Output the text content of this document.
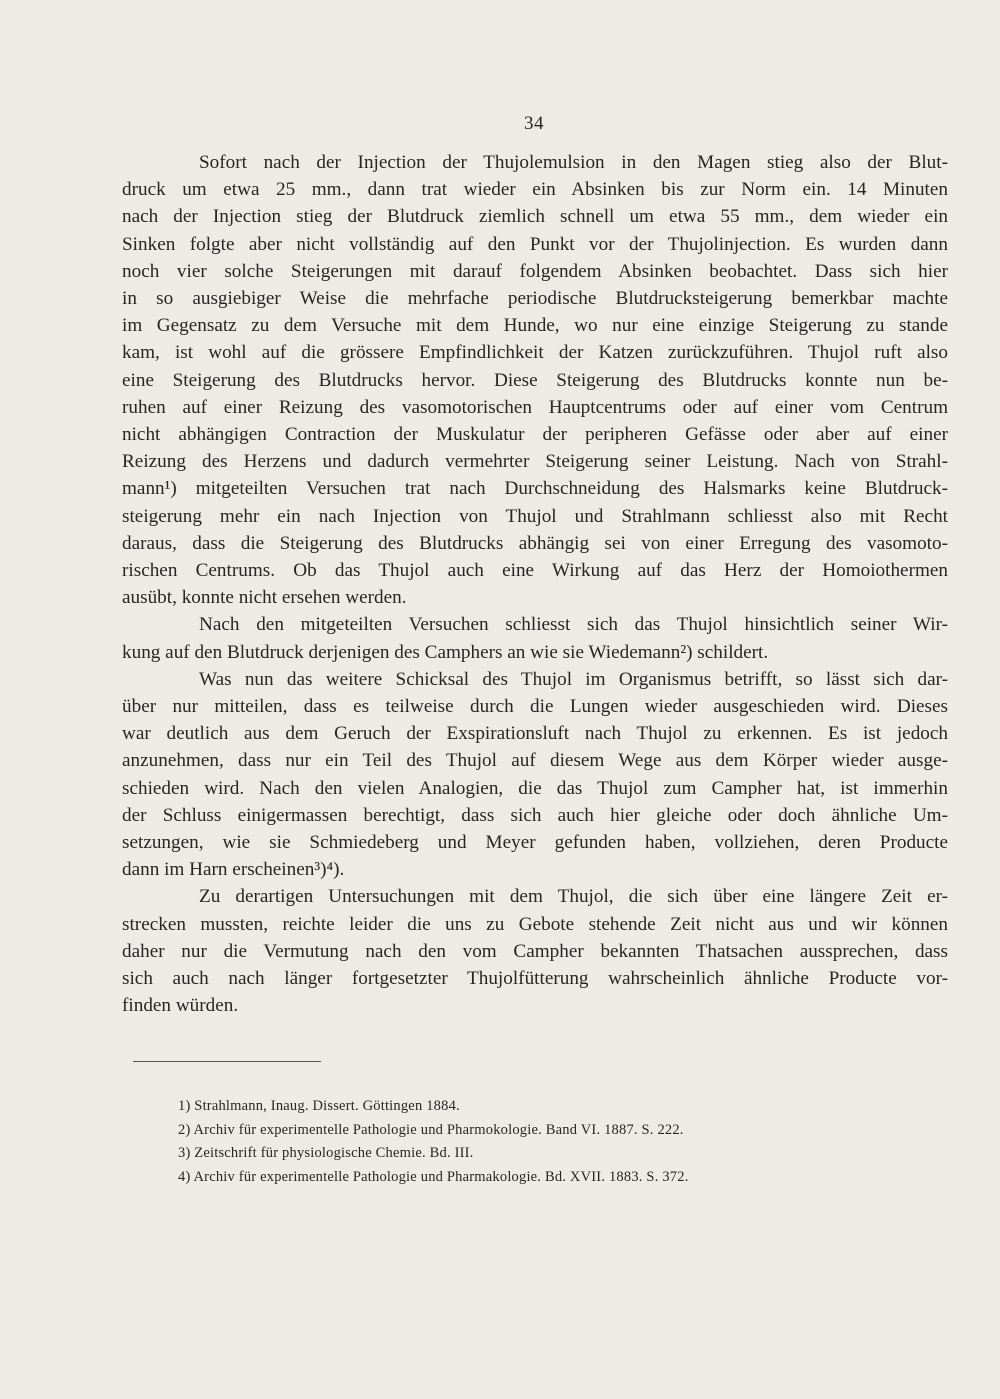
34
Sofort nach der Injection der Thujolemulsion in den Magen stieg also der Blut-
druck um etwa 25 mm., dann trat wieder ein Absinken bis zur Norm ein. 14 Minuten
nach der Injection stieg der Blutdruck ziemlich schnell um etwa 55 mm., dem wieder ein
Sinken folgte aber nicht vollständig auf den Punkt vor der Thujolinjection. Es wurden dann
noch vier solche Steigerungen mit darauf folgendem Absinken beobachtet. Dass sich hier
in so ausgiebiger Weise die mehrfache periodische Blutdrucksteigerung bemerkbar machte
im Gegensatz zu dem Versuche mit dem Hunde, wo nur eine einzige Steigerung zu stande
kam, ist wohl auf die grössere Empfindlichkeit der Katzen zurückzuführen. Thujol ruft also
eine Steigerung des Blutdrucks hervor. Diese Steigerung des Blutdrucks konnte nun be-
ruhen auf einer Reizung des vasomotorischen Hauptcentrums oder auf einer vom Centrum
nicht abhängigen Contraction der Muskulatur der peripheren Gefässe oder aber auf einer
Reizung des Herzens und dadurch vermehrter Steigerung seiner Leistung. Nach von Strahl-
mann¹) mitgeteilten Versuchen trat nach Durchschneidung des Halsmarks keine Blutdruck-
steigerung mehr ein nach Injection von Thujol und Strahlmann schliesst also mit Recht
daraus, dass die Steigerung des Blutdrucks abhängig sei von einer Erregung des vasomoto-
rischen Centrums. Ob das Thujol auch eine Wirkung auf das Herz der Homoiothermen
ausübt, konnte nicht ersehen werden.
Nach den mitgeteilten Versuchen schliesst sich das Thujol hinsichtlich seiner Wir-
kung auf den Blutdruck derjenigen des Camphers an wie sie Wiedemann²) schildert.
Was nun das weitere Schicksal des Thujol im Organismus betrifft, so lässt sich dar-
über nur mitteilen, dass es teilweise durch die Lungen wieder ausgeschieden wird. Dieses
war deutlich aus dem Geruch der Exspirationsluft nach Thujol zu erkennen. Es ist jedoch
anzunehmen, dass nur ein Teil des Thujol auf diesem Wege aus dem Körper wieder ausge-
schieden wird. Nach den vielen Analogien, die das Thujol zum Campher hat, ist immerhin
der Schluss einigermassen berechtigt, dass sich auch hier gleiche oder doch ähnliche Um-
setzungen, wie sie Schmiedeberg und Meyer gefunden haben, vollziehen, deren Producte
dann im Harn erscheinen³)⁴).
Zu derartigen Untersuchungen mit dem Thujol, die sich über eine längere Zeit er-
strecken mussten, reichte leider die uns zu Gebote stehende Zeit nicht aus und wir können
daher nur die Vermutung nach den vom Campher bekannten Thatsachen aussprechen, dass
sich auch nach länger fortgesetzter Thujolfütterung wahrscheinlich ähnliche Producte vor-
finden würden.
1) Strahlmann, Inaug. Dissert. Göttingen 1884.
2) Archiv für experimentelle Pathologie und Pharmokologie. Band VI. 1887. S. 222.
3) Zeitschrift für physiologische Chemie. Bd. III.
4) Archiv für experimentelle Pathologie und Pharmakologie. Bd. XVII. 1883. S. 372.
